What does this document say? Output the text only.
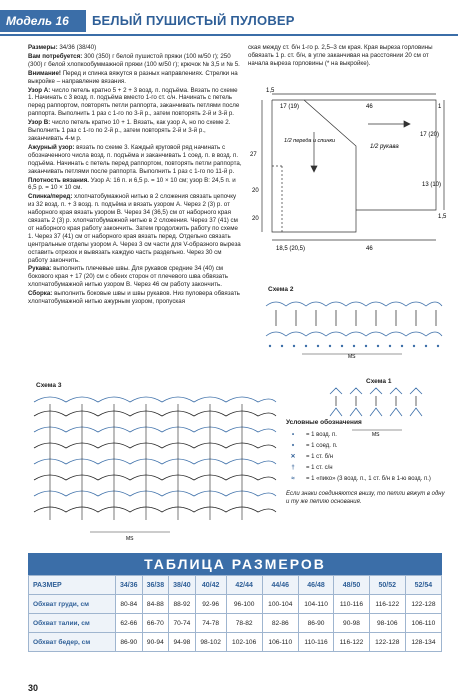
Модель 16	БЕЛЫЙ ПУШИСТЫЙ ПУЛОВЕР

Размеры: 34/36 (38/40)

Вам потребуется: 300 (350) г белой пушистой пряжи (100 м/50 г); 250 (300) г белой хлопкообуммажной пряжи (100 м/50 г); крючок № 3,5 и № 5.

Внимание! Перед и спинка вяжутся в разных направлениях. Стрелки на выкройке – направление вязания.

Узор А: число петель кратно 5 + 2 + 3 возд. п. подъёма. Вязать по схеме 1. Начинать с 3 возд. п. подъёма вместо 1-го ст. с/н. Начинать с петель перед раппортом, повторять петли раппорта, заканчивать петлями после раппорта. Выполнить 1 раз с 1-го по 3-й р., затем повторять 2-й и 3-й р.

Узор В: число петель кратно 10 + 1. Вязать, как узор А, но по схеме 2. Выполнить 1 раз с 1-го по 2-й р., затем повторять 2-й и 3-й р., заканчивать 4-м р.

Ажурный узор: вязать по схеме 3. Каждый круговой ряд начинать с обозначенного числа возд. п. подъёма и заканчивать 1 соед. п. в возд. п. подъёма. Начинать с петель перед раппортом, повторять петли раппорта, заканчивать петлями после раппорта. Выполнить 1 раз с 1-го по 11-й р.

Плотность вязания. Узор А: 16 п. и 6,5 р. = 10 × 10 см; узор В: 24,5 п. и 6,5 р. = 10 × 10 см.

Спинка/перед: хлопчатобумажной нитью в 2 сложения связать цепочку из 32 возд. п. + 3 возд. п. подъёма и вязать узором А. Через 2 (3) р. от наборного края вязать узором В. Через 34 (36,5) см от наборного края связать 2 (3) р. хлопчатобумажной нитью в 2 сложения. Через 37 (41) см от наборного края работу закончить. Затем продолжить работу по схеме 1. Через 37 (41) см от наборного края вязать перед. Отдельно связать центральные отделы узором А. Через 3 см части для V-образного выреза оставить отрезок и вывязать каждую часть раздельно. Через 30 см работу закончить.

Рукава: выполнить плечевые швы. Для рукавов средние 34 (40) см бокового края + 17 (20) см с обеих сторон от плечевого шва обвязать хлопчатобумажной нитью узором В. Через 46 см работу закончить.

Сборка: выполнить боковые швы и швы рукавов. Низ пуловера обвязать хлопчатобумажной нитью ажурным узором, пропуская

ская между ст. б/н 1-го р. 2,5–3 см края. Края выреза горловины обвязать 1 р. ст. б/н, в угле заканчивая на расстоянии 20 см от начала выреза горловины (* на выкройке).

1,5
17 (19)	46
27
1/2 переда и спинки
1/2 рукава
17 (20)
13 (10)
20
20
18,5 (20,5)	46
1
1,5
Схема 2
MS
Схема 1
MS
Схема 3
MS
Условные обозначения
•	= 1 возд. п.
∘	= 1 соед. п.
✕	= 1 ст. б/н
†	= 1 ст. с/н
≈	= 1 «пико» (3 возд. п., 1 ст. б/н в 1-ю возд. п.)
Если знаки соединяются внизу, то петли вяжут в одну и ту же петлю основания.
ТАБЛИЦА РАЗМЕРОВ
РАЗМЕР	34/36	36/38	38/40	40/42	42/44	44/46	46/48	48/50	50/52	52/54
Обхват груди, см	80-84	84-88	88-92	92-96	96-100	100-104	104-110	110-116	116-122	122-128
Обхват талии, см	62-66	66-70	70-74	74-78	78-82	82-86	86-90	90-98	98-106	106-110
Обхват бедер, см	86-90	90-94	94-98	98-102	102-106	106-110	110-116	116-122	122-128	128-134
30
